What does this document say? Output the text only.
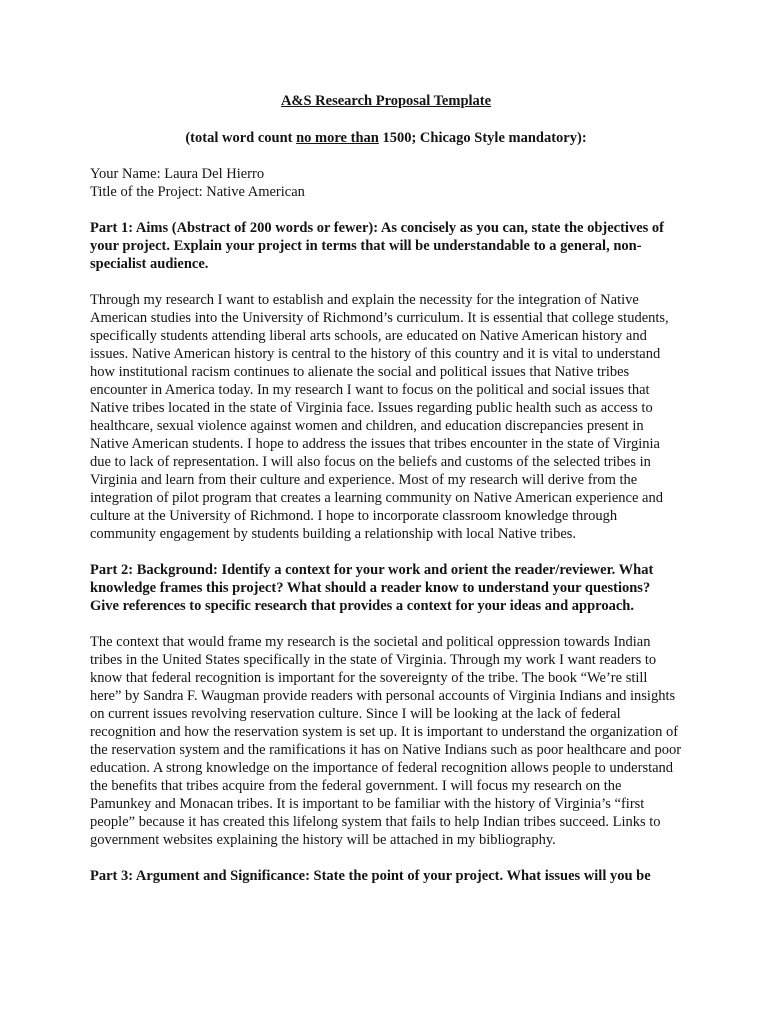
A&S Research Proposal Template

(total word count no more than 1500; Chicago Style mandatory):

Your Name: Laura Del Hierro

Title of the Project: Native American

Part 1: Aims (Abstract of 200 words or fewer): As concisely as you can, state the objectives of your project. Explain your project in terms that will be understandable to a general, non-specialist audience.

Through my research I want to establish and explain the necessity for the integration of Native American studies into the University of Richmond’s curriculum. It is essential that college students, specifically students attending liberal arts schools, are educated on Native American history and issues. Native American history is central to the history of this country and it is vital to understand how institutional racism continues to alienate the social and political issues that Native tribes encounter in America today. In my research I want to focus on the political and social issues that Native tribes located in the state of Virginia face. Issues regarding public health such as access to healthcare, sexual violence against women and children, and education discrepancies present in Native American students. I hope to address the issues that tribes encounter in the state of Virginia due to lack of representation. I will also focus on the beliefs and customs of the selected tribes in Virginia and learn from their culture and experience. Most of my research will derive from the integration of pilot program that creates a learning community on Native American experience and culture at the University of Richmond. I hope to incorporate classroom knowledge through community engagement by students building a relationship with local Native tribes.

Part 2: Background: Identify a context for your work and orient the reader/reviewer. What knowledge frames this project? What should a reader know to understand your questions? Give references to specific research that provides a context for your ideas and approach.

The context that would frame my research is the societal and political oppression towards Indian tribes in the United States specifically in the state of Virginia. Through my work I want readers to know that federal recognition is important for the sovereignty of the tribe. The book “We’re still here” by Sandra F. Waugman provide readers with personal accounts of Virginia Indians and insights on current issues revolving reservation culture. Since I will be looking at the lack of federal recognition and how the reservation system is set up. It is important to understand the organization of the reservation system and the ramifications it has on Native Indians such as poor healthcare and poor education. A strong knowledge on the importance of federal recognition allows people to understand the benefits that tribes acquire from the federal government. I will focus my research on the Pamunkey and Monacan tribes. It is important to be familiar with the history of Virginia’s “first people” because it has created this lifelong system that fails to help Indian tribes succeed. Links to government websites explaining the history will be attached in my bibliography.

Part 3: Argument and Significance: State the point of your project. What issues will you be
